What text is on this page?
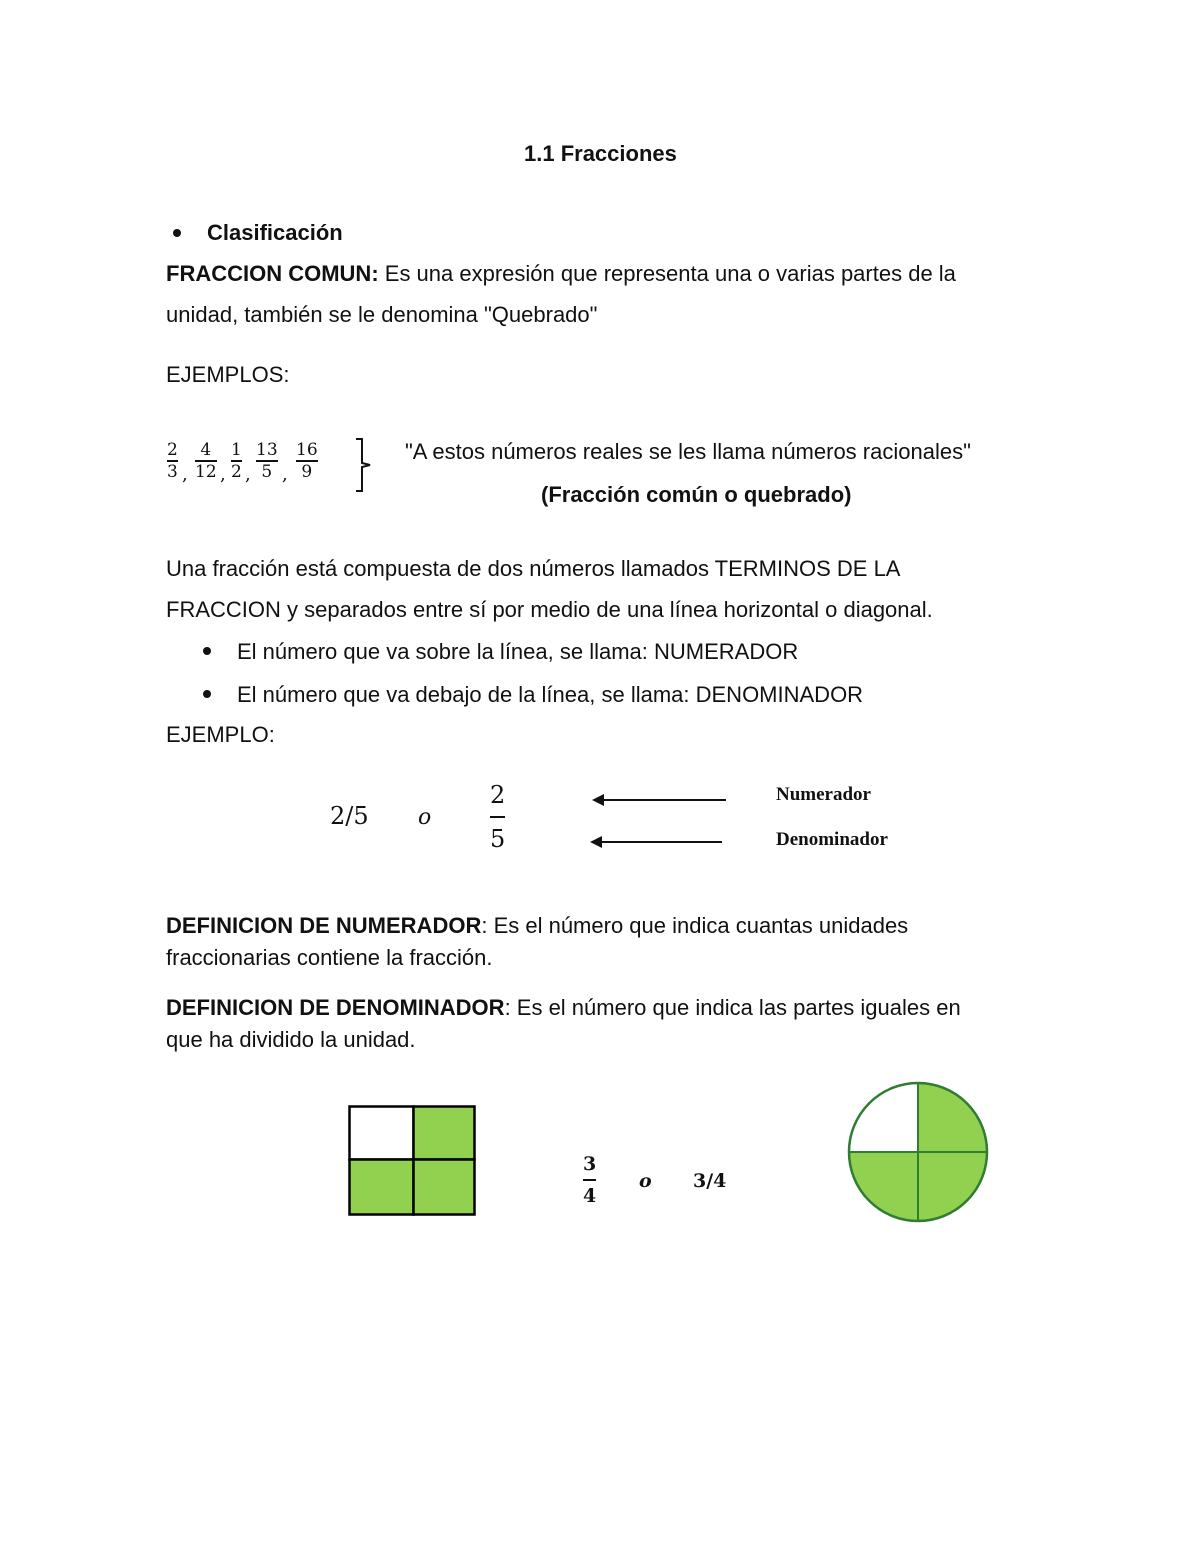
1.1 Fracciones
Clasificación
FRACCION COMUN: Es una expresión que representa una o varias partes de la
unidad, también se le denomina "Quebrado"
EJEMPLOS:
2
3 ,
4
12 ,
1
2 ,
13
5 ,
16
9
"A estos números reales se les llama números racionales"
(Fracción común o quebrado)
Una fracción está compuesta de dos números llamados TERMINOS DE LA
FRACCION y separados entre sí por medio de una línea horizontal o diagonal.
El número que va sobre la línea, se llama: NUMERADOR
El número que va debajo de la línea, se llama: DENOMINADOR
EJEMPLO:
2/5 o
2
5
Numerador
Denominador
DEFINICION DE NUMERADOR: Es el número que indica cuantas unidades
fraccionarias contiene la fracción.
DEFINICION DE DENOMINADOR: Es el número que indica las partes iguales en
que ha dividido la unidad.
3
4
o 3/4
